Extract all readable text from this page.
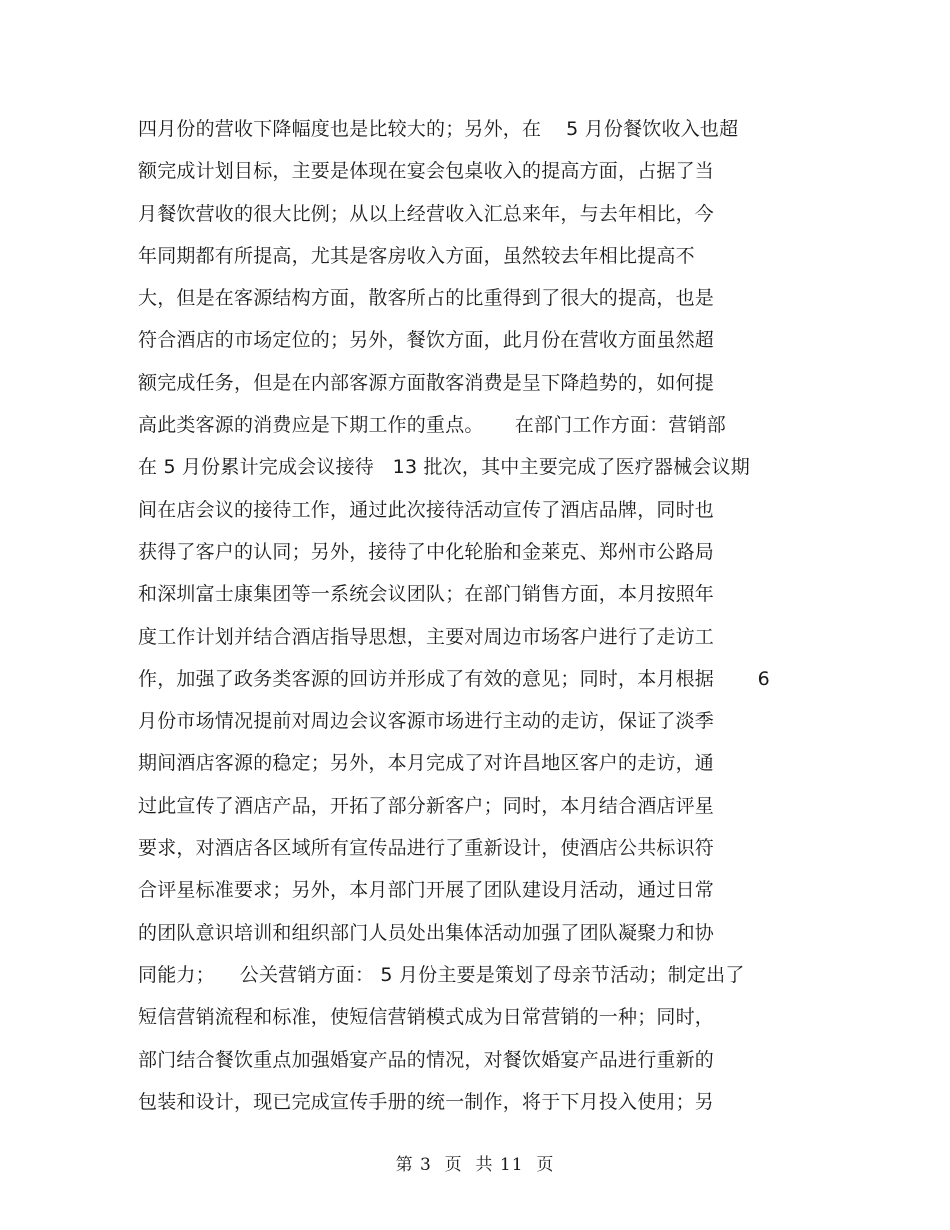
四月份的营收下降幅度也是比较大的；另外，在    5 月份餐饮收入也超
额完成计划目标，主要是体现在宴会包桌收入的提高方面，占据了当
月餐饮营收的很大比例；从以上经营收入汇总来年，与去年相比，今
年同期都有所提高，尤其是客房收入方面，虽然较去年相比提高不
大，但是在客源结构方面，散客所占的比重得到了很大的提高，也是
符合酒店的市场定位的；另外，餐饮方面，此月份在营收方面虽然超
额完成任务，但是在内部客源方面散客消费是呈下降趋势的，如何提
高此类客源的消费应是下期工作的重点。     在部门工作方面：营销部
在 5 月份累计完成会议接待   13 批次，其中主要完成了医疗器械会议期
间在店会议的接待工作，通过此次接待活动宣传了酒店品牌，同时也
获得了客户的认同；另外，接待了中化轮胎和金莱克、郑州市公路局
和深圳富士康集团等一系统会议团队；在部门销售方面，本月按照年
度工作计划并结合酒店指导思想，主要对周边市场客户进行了走访工
作，加强了政务类客源的回访并形成了有效的意见；同时，本月根据       6
月份市场情况提前对周边会议客源市场进行主动的走访，保证了淡季
期间酒店客源的稳定；另外，本月完成了对许昌地区客户的走访，通
过此宣传了酒店产品，开拓了部分新客户；同时，本月结合酒店评星
要求，对酒店各区域所有宣传品进行了重新设计，使酒店公共标识符
合评星标准要求；另外，本月部门开展了团队建设月活动，通过日常
的团队意识培训和组织部门人员处出集体活动加强了团队凝聚力和协
同能力；    公关营销方面： 5 月份主要是策划了母亲节活动；制定出了
短信营销流程和标准，使短信营销模式成为日常营销的一种；同时，
部门结合餐饮重点加强婚宴产品的情况，对餐饮婚宴产品进行重新的
包装和设计，现已完成宣传手册的统一制作，将于下月投入使用；另
第 3  页  共 11  页
